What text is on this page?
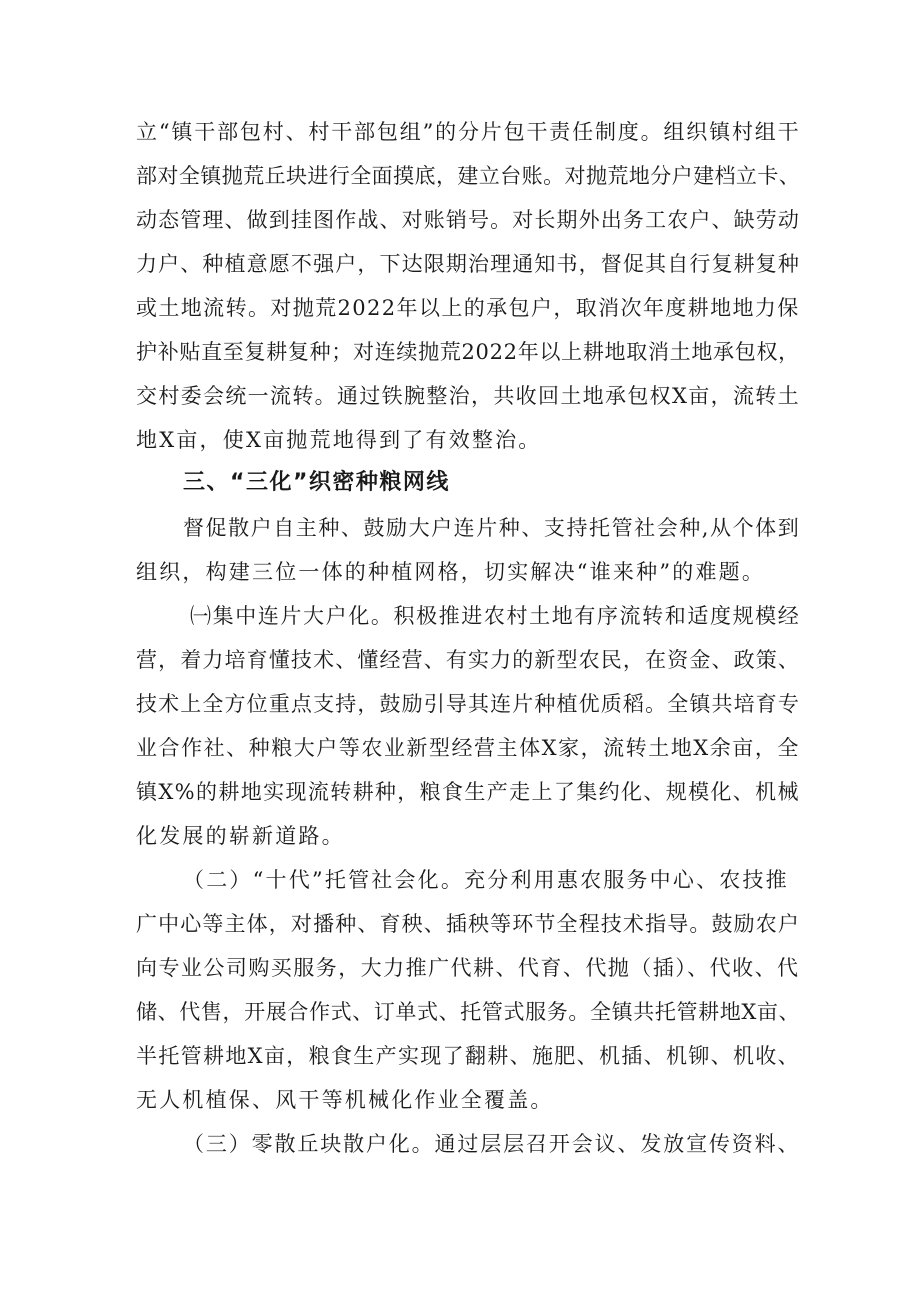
立“镇干部包村、村干部包组”的分片包干责任制度。组织镇村组干
部对全镇抛荒丘块进行全面摸底，建立台账。对抛荒地分户建档立卡、
动态管理、做到挂图作战、对账销号。对长期外出务工农户、缺劳动
力户、种植意愿不强户，下达限期治理通知书，督促其自行复耕复种
或土地流转。对抛荒2022年以上的承包户，取消次年度耕地地力保
护补贴直至复耕复种；对连续抛荒2022年以上耕地取消土地承包权，
交村委会统一流转。通过铁腕整治，共收回土地承包权X亩，流转土
地X亩，使X亩抛荒地得到了有效整治。
三、“三化”织密种粮网线
督促散户自主种、鼓励大户连片种、支持托管社会种,从个体到
组织，构建三位一体的种植网格，切实解决“谁来种”的难题。
㈠集中连片大户化。积极推进农村土地有序流转和适度规模经
营，着力培育懂技术、懂经营、有实力的新型农民，在资金、政策、
技术上全方位重点支持，鼓励引导其连片种植优质稻。全镇共培育专
业合作社、种粮大户等农业新型经营主体X家，流转土地X余亩，全
镇X%的耕地实现流转耕种，粮食生产走上了集约化、规模化、机械
化发展的崭新道路。
（二）“十代”托管社会化。充分利用惠农服务中心、农技推
广中心等主体，对播种、育秧、插秧等环节全程技术指导。鼓励农户
向专业公司购买服务，大力推广代耕、代育、代抛（插）、代收、代
储、代售，开展合作式、订单式、托管式服务。全镇共托管耕地X亩、
半托管耕地X亩，粮食生产实现了翻耕、施肥、机插、机铆、机收、
无人机植保、风干等机械化作业全覆盖。
（三）零散丘块散户化。通过层层召开会议、发放宣传资料、
